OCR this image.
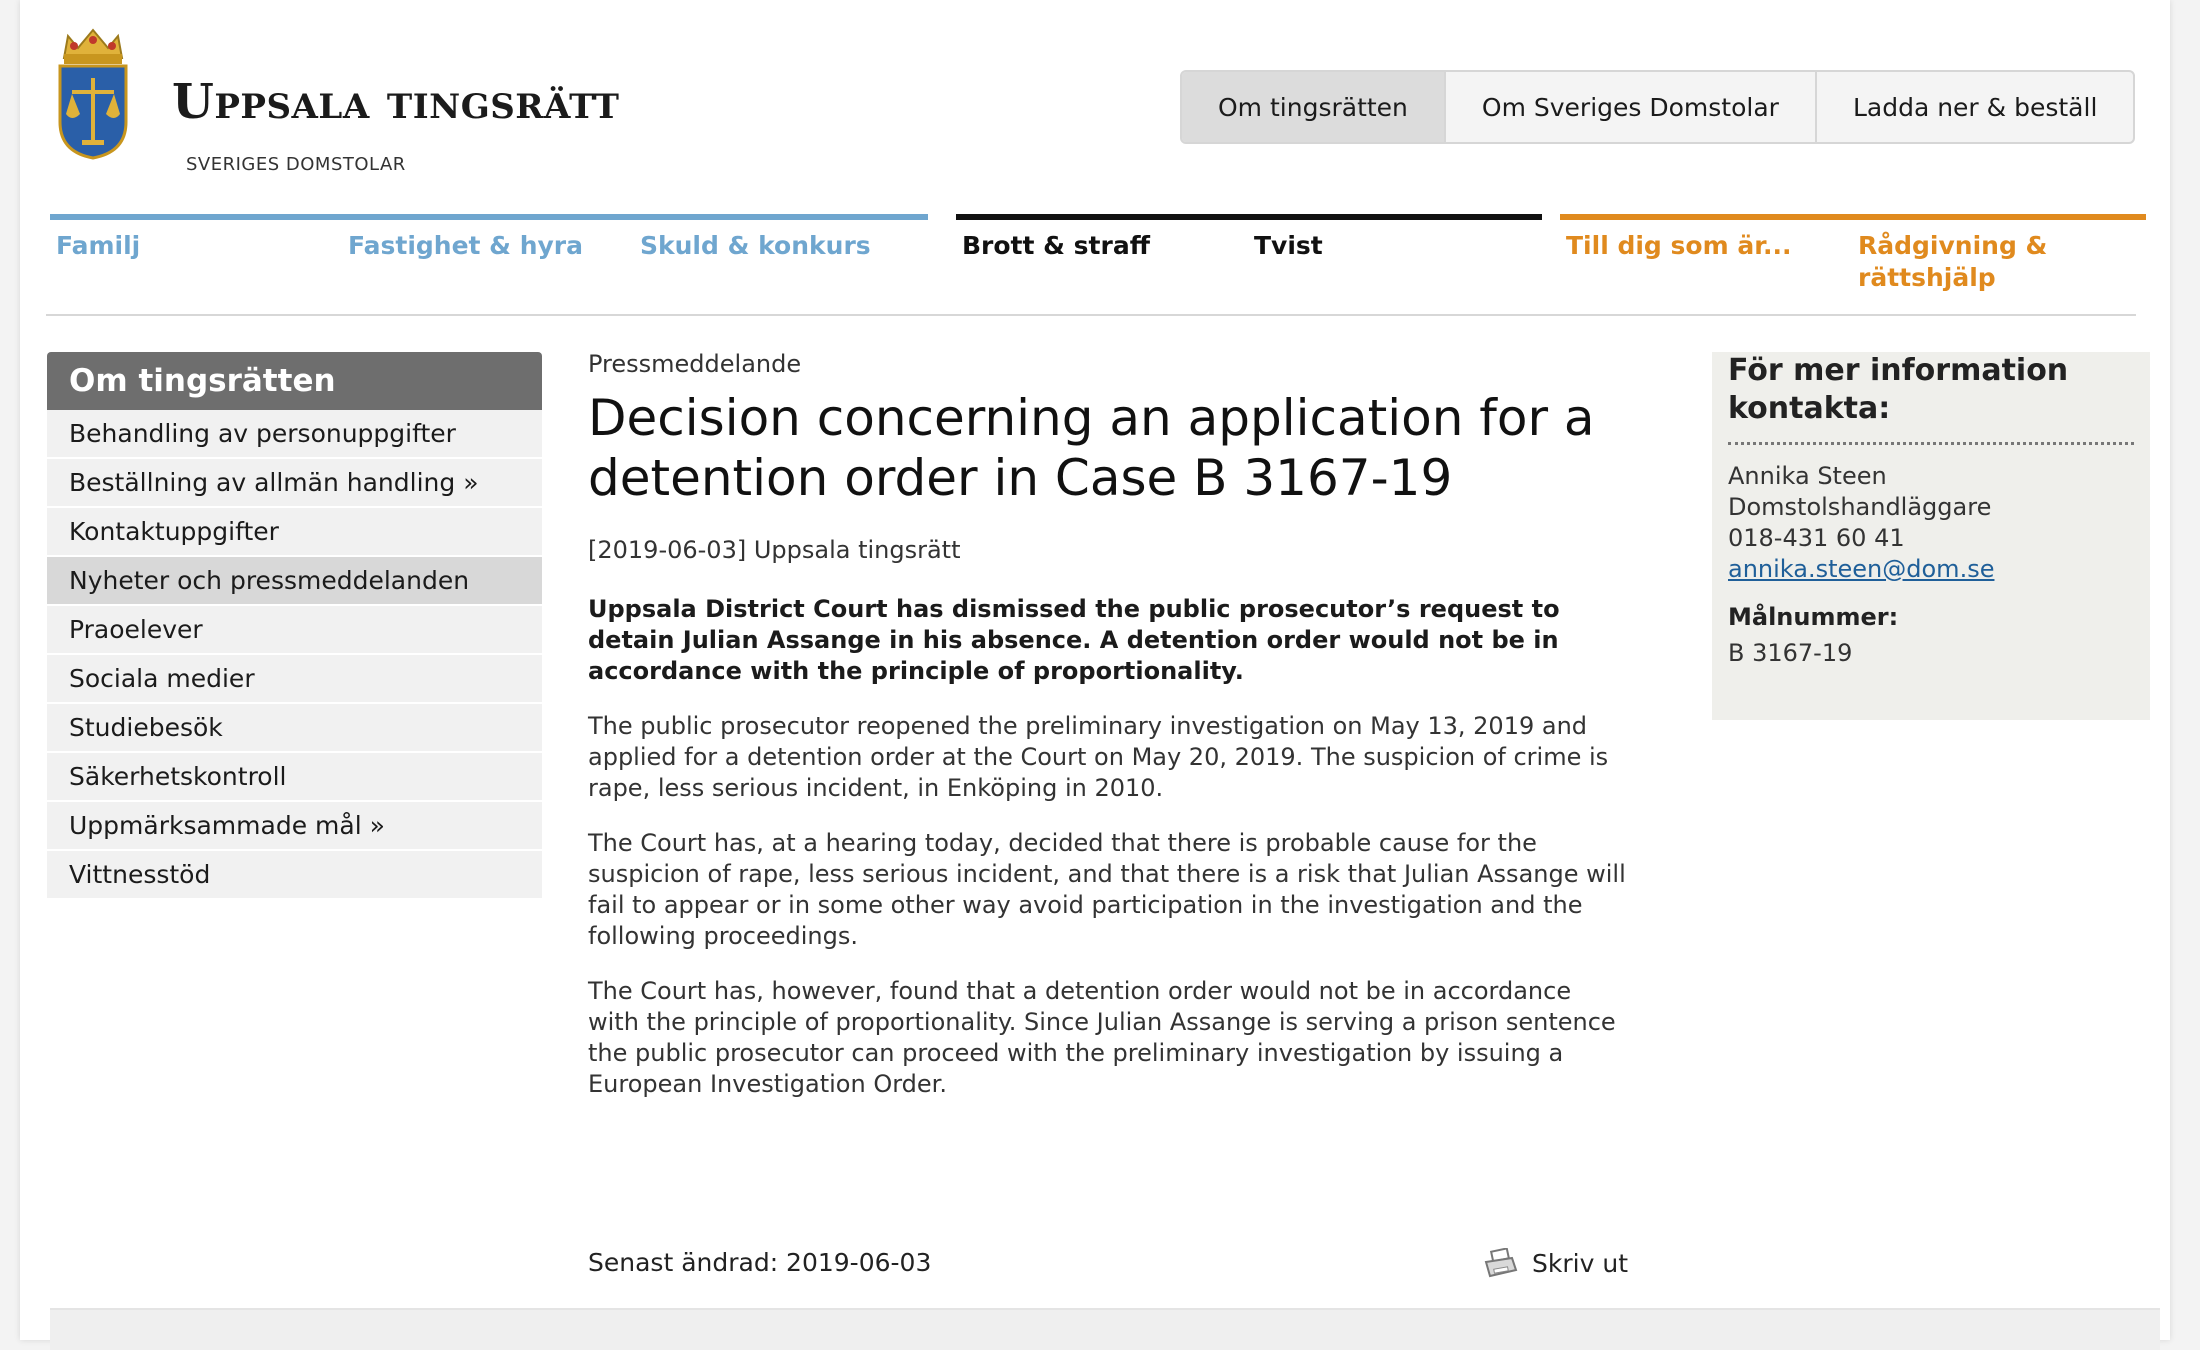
Uppsala tingsrätt
SVERIGES DOMSTOLAR
Om tingsrätten	Om Sveriges Domstolar	Ladda ner & beställ
Familj	Fastighet & hyra	Skuld & konkurs	Brott & straff	Tvist	Till dig som är...	Rådgivning & rättshjälp
Om tingsrätten
Behandling av personuppgifter
Beställning av allmän handling »
Kontaktuppgifter
Nyheter och pressmeddelanden
Praoelever
Sociala medier
Studiebesök
Säkerhetskontroll
Uppmärksammade mål »
Vittnesstöd
Pressmeddelande
Decision concerning an application for a detention order in Case B 3167-19
[2019-06-03] Uppsala tingsrätt
Uppsala District Court has dismissed the public prosecutor’s request to detain Julian Assange in his absence. A detention order would not be in accordance with the principle of proportionality.
The public prosecutor reopened the preliminary investigation on May 13, 2019 and applied for a detention order at the Court on May 20, 2019. The suspicion of crime is rape, less serious incident, in Enköping in 2010.
The Court has, at a hearing today, decided that there is probable cause for the suspicion of rape, less serious incident, and that there is a risk that Julian Assange will fail to appear or in some other way avoid participation in the investigation and the following proceedings.
The Court has, however, found that a detention order would not be in accordance with the principle of proportionality. Since Julian Assange is serving a prison sentence the public prosecutor can proceed with the preliminary investigation by issuing a European Investigation Order.
Senast ändrad: 2019-06-03	Skriv ut
För mer information kontakta:
Annika Steen
Domstolshandläggare
018-431 60 41
annika.steen@dom.se
Målnummer:
B 3167-19
